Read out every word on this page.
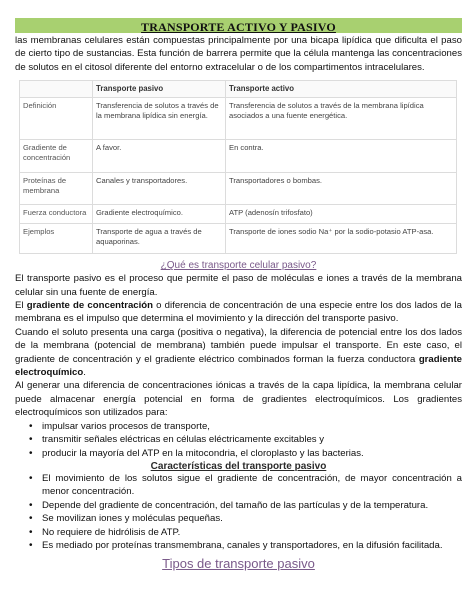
TRANSPORTE ACTIVO Y PASIVO

las membranas celulares están compuestas principalmente por una bicapa lipídica que dificulta el paso de cierto tipo de sustancias. Esta función de barrera permite que la célula mantenga las concentraciones de solutos en el citosol diferente del entorno extracelular o de los compartimentos intracelulares.

	Transporte pasivo	Transporte activo
Definición	Transferencia de solutos a través de la membrana lipídica sin energía.	Transferencia de solutos a través de la membrana lipídica asociados a una fuente energética.
Gradiente de concentración	A favor.	En contra.
Proteínas de membrana	Canales y transportadores.	Transportadores o bombas.
Fuerza conductora	Gradiente electroquímico.	ATP (adenosín trifosfato)
Ejemplos	Transporte de agua a través de aquaporinas.	Transporte de iones sodio Na⁺ por la sodio-potasio ATP-asa.
¿Qué es transporte celular pasivo?

El transporte pasivo es el proceso que permite el paso de moléculas e iones a través de la membrana celular sin una fuente de energía.

El gradiente de concentración o diferencia de concentración de una especie entre los dos lados de la membrana es el impulso que determina el movimiento y la dirección del transporte pasivo.

Cuando el soluto presenta una carga (positiva o negativa), la diferencia de potencial entre los dos lados de la membrana (potencial de membrana) también puede impulsar el transporte. En este caso, el gradiente de concentración y el gradiente eléctrico combinados forman la fuerza conductora gradiente electroquímico.

Al generar una diferencia de concentraciones iónicas a través de la capa lipídica, la membrana celular puede almacenar energía potencial en forma de gradientes electroquímicos. Los gradientes electroquímicos son utilizados para:

• impulsar varios procesos de transporte,
• transmitir señales eléctricas en células eléctricamente excitables y
• producir la mayoría del ATP en la mitocondria, el cloroplasto y las bacterias.
Características del transporte pasivo
• El movimiento de los solutos sigue el gradiente de concentración, de mayor concentración a menor concentración.
• Depende del gradiente de concentración, del tamaño de las partículas y de la temperatura.
• Se movilizan iones y moléculas pequeñas.
• No requiere de hidrólisis de ATP.
• Es mediado por proteínas transmembrana, canales y transportadores, en la difusión facilitada.
Tipos de transporte pasivo
